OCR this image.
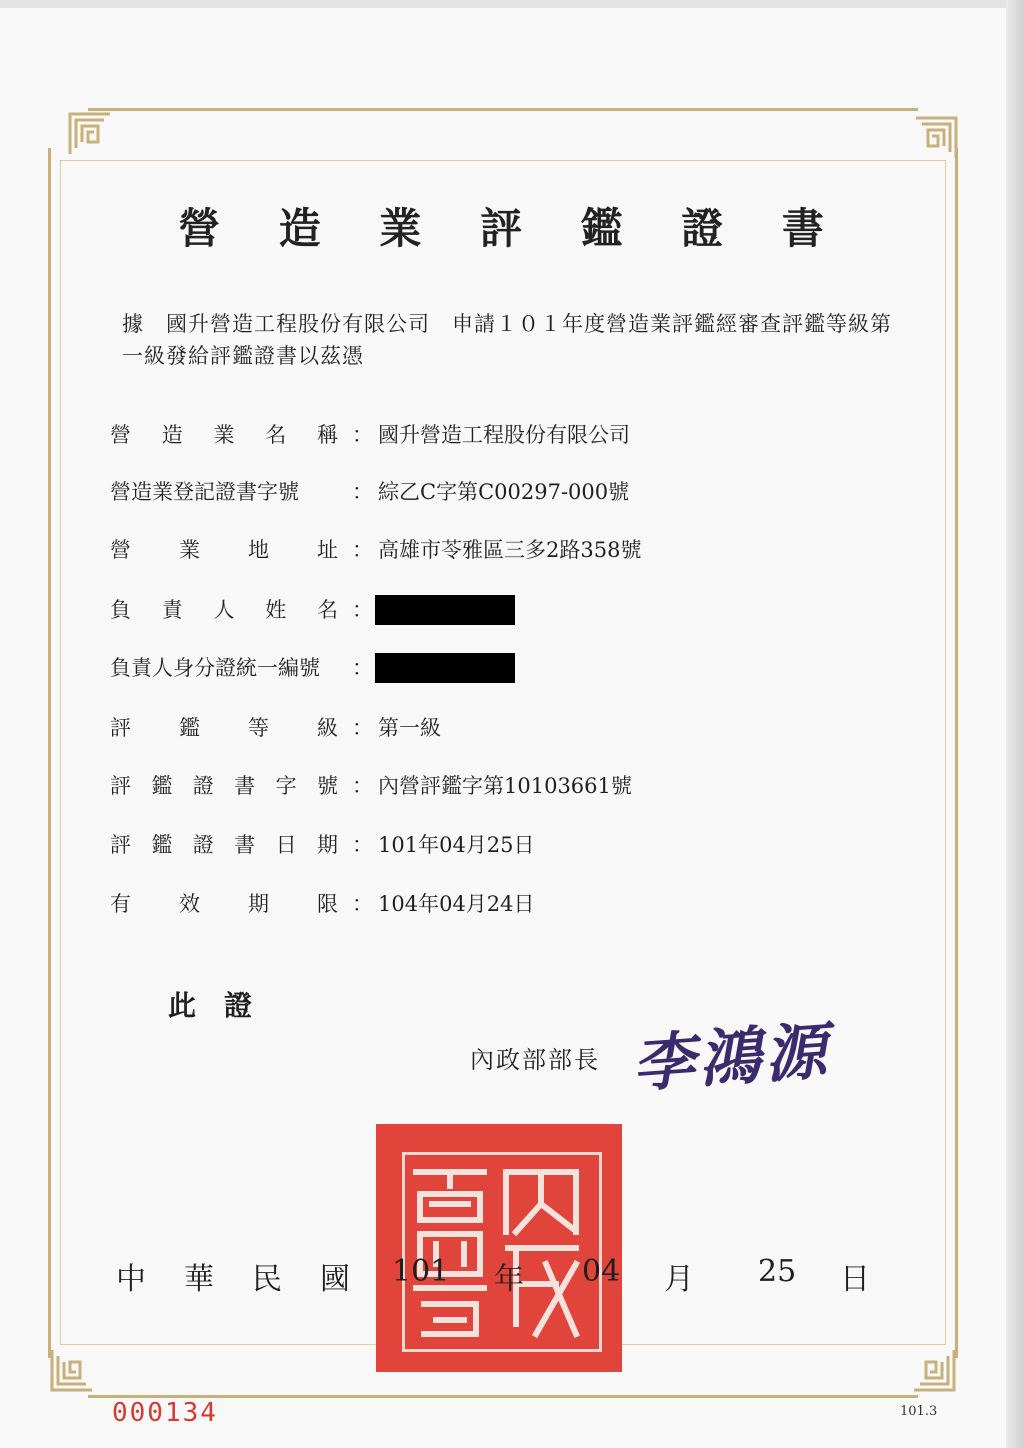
營 造 業 評 鑑 證 書
據　國升營造工程股份有限公司　申請１０１年度營造業評鑑經審查評鑑等級第一級發給評鑑證書以茲憑
營 造 業 名 稱 ： 國升營造工程股份有限公司
營 造 業 登 記 證 書 字 號	： 綜乙C字第C00297-000號
營 業 地 址 ： 高雄市苓雅區三多2路358號
負 責 人 姓 名 ：
負 責 人 身 分 證 統 一 編 號 ：
評 鑑 等 級 ： 第一級
評 鑑 證 書 字 號 ： 內營評鑑字第10103661號
評 鑑 證 書 日 期 ： 101年04月25日
有 效 期 限 ： 104年04月24日
此證
內政部部長 李鴻源
中 華 民 國 101 年 04 月 25 日
000134	101.3
